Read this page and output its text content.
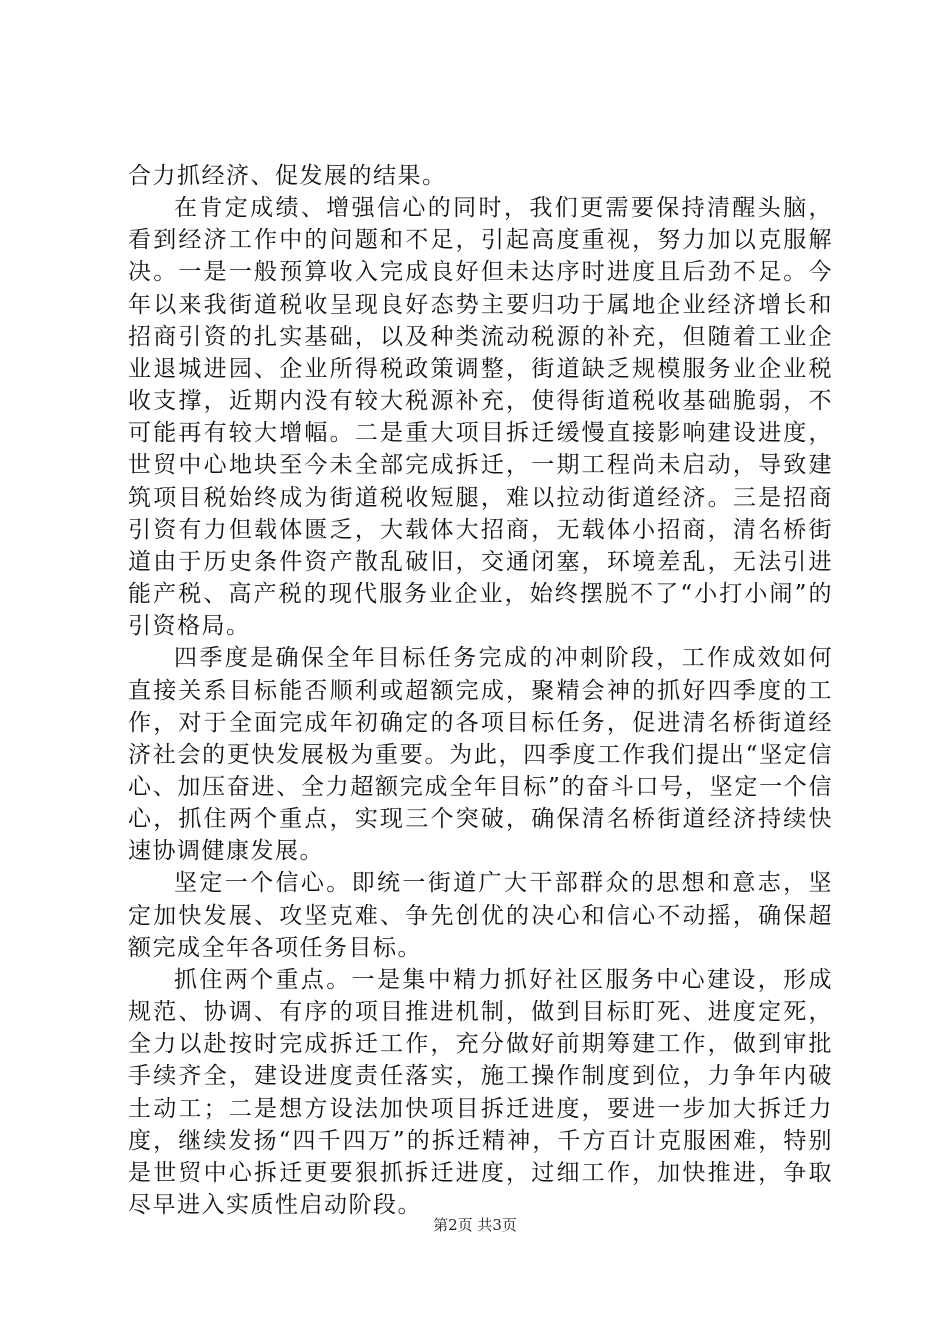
合力抓经济、促发展的结果。

在肯定成绩、增强信心的同时，我们更需要保持清醒头脑，看到经济工作中的问题和不足，引起高度重视，努力加以克服解决。一是一般预算收入完成良好但未达序时进度且后劲不足。今年以来我街道税收呈现良好态势主要归功于属地企业经济增长和招商引资的扎实基础，以及种类流动税源的补充，但随着工业企业退城进园、企业所得税政策调整，街道缺乏规模服务业企业税收支撑，近期内没有较大税源补充，使得街道税收基础脆弱，不可能再有较大增幅。二是重大项目拆迁缓慢直接影响建设进度，世贸中心地块至今未全部完成拆迁，一期工程尚未启动，导致建筑项目税始终成为街道税收短腿，难以拉动街道经济。三是招商引资有力但载体匮乏，大载体大招商，无载体小招商，清名桥街道由于历史条件资产散乱破旧，交通闭塞，环境差乱，无法引进能产税、高产税的现代服务业企业，始终摆脱不了“小打小闹”的引资格局。

四季度是确保全年目标任务完成的冲刺阶段，工作成效如何直接关系目标能否顺利或超额完成，聚精会神的抓好四季度的工作，对于全面完成年初确定的各项目标任务，促进清名桥街道经济社会的更快发展极为重要。为此，四季度工作我们提出“坚定信心、加压奋进、全力超额完成全年目标”的奋斗口号，坚定一个信心，抓住两个重点，实现三个突破，确保清名桥街道经济持续快速协调健康发展。

坚定一个信心。即统一街道广大干部群众的思想和意志，坚定加快发展、攻坚克难、争先创优的决心和信心不动摇，确保超额完成全年各项任务目标。

抓住两个重点。一是集中精力抓好社区服务中心建设，形成规范、协调、有序的项目推进机制，做到目标盯死、进度定死，全力以赴按时完成拆迁工作，充分做好前期筹建工作，做到审批手续齐全，建设进度责任落实，施工操作制度到位，力争年内破土动工；二是想方设法加快项目拆迁进度，要进一步加大拆迁力度，继续发扬“四千四万”的拆迁精神，千方百计克服困难，特别是世贸中心拆迁更要狠抓拆迁进度，过细工作，加快推进，争取尽早进入实质性启动阶段。

第2页 共3页
